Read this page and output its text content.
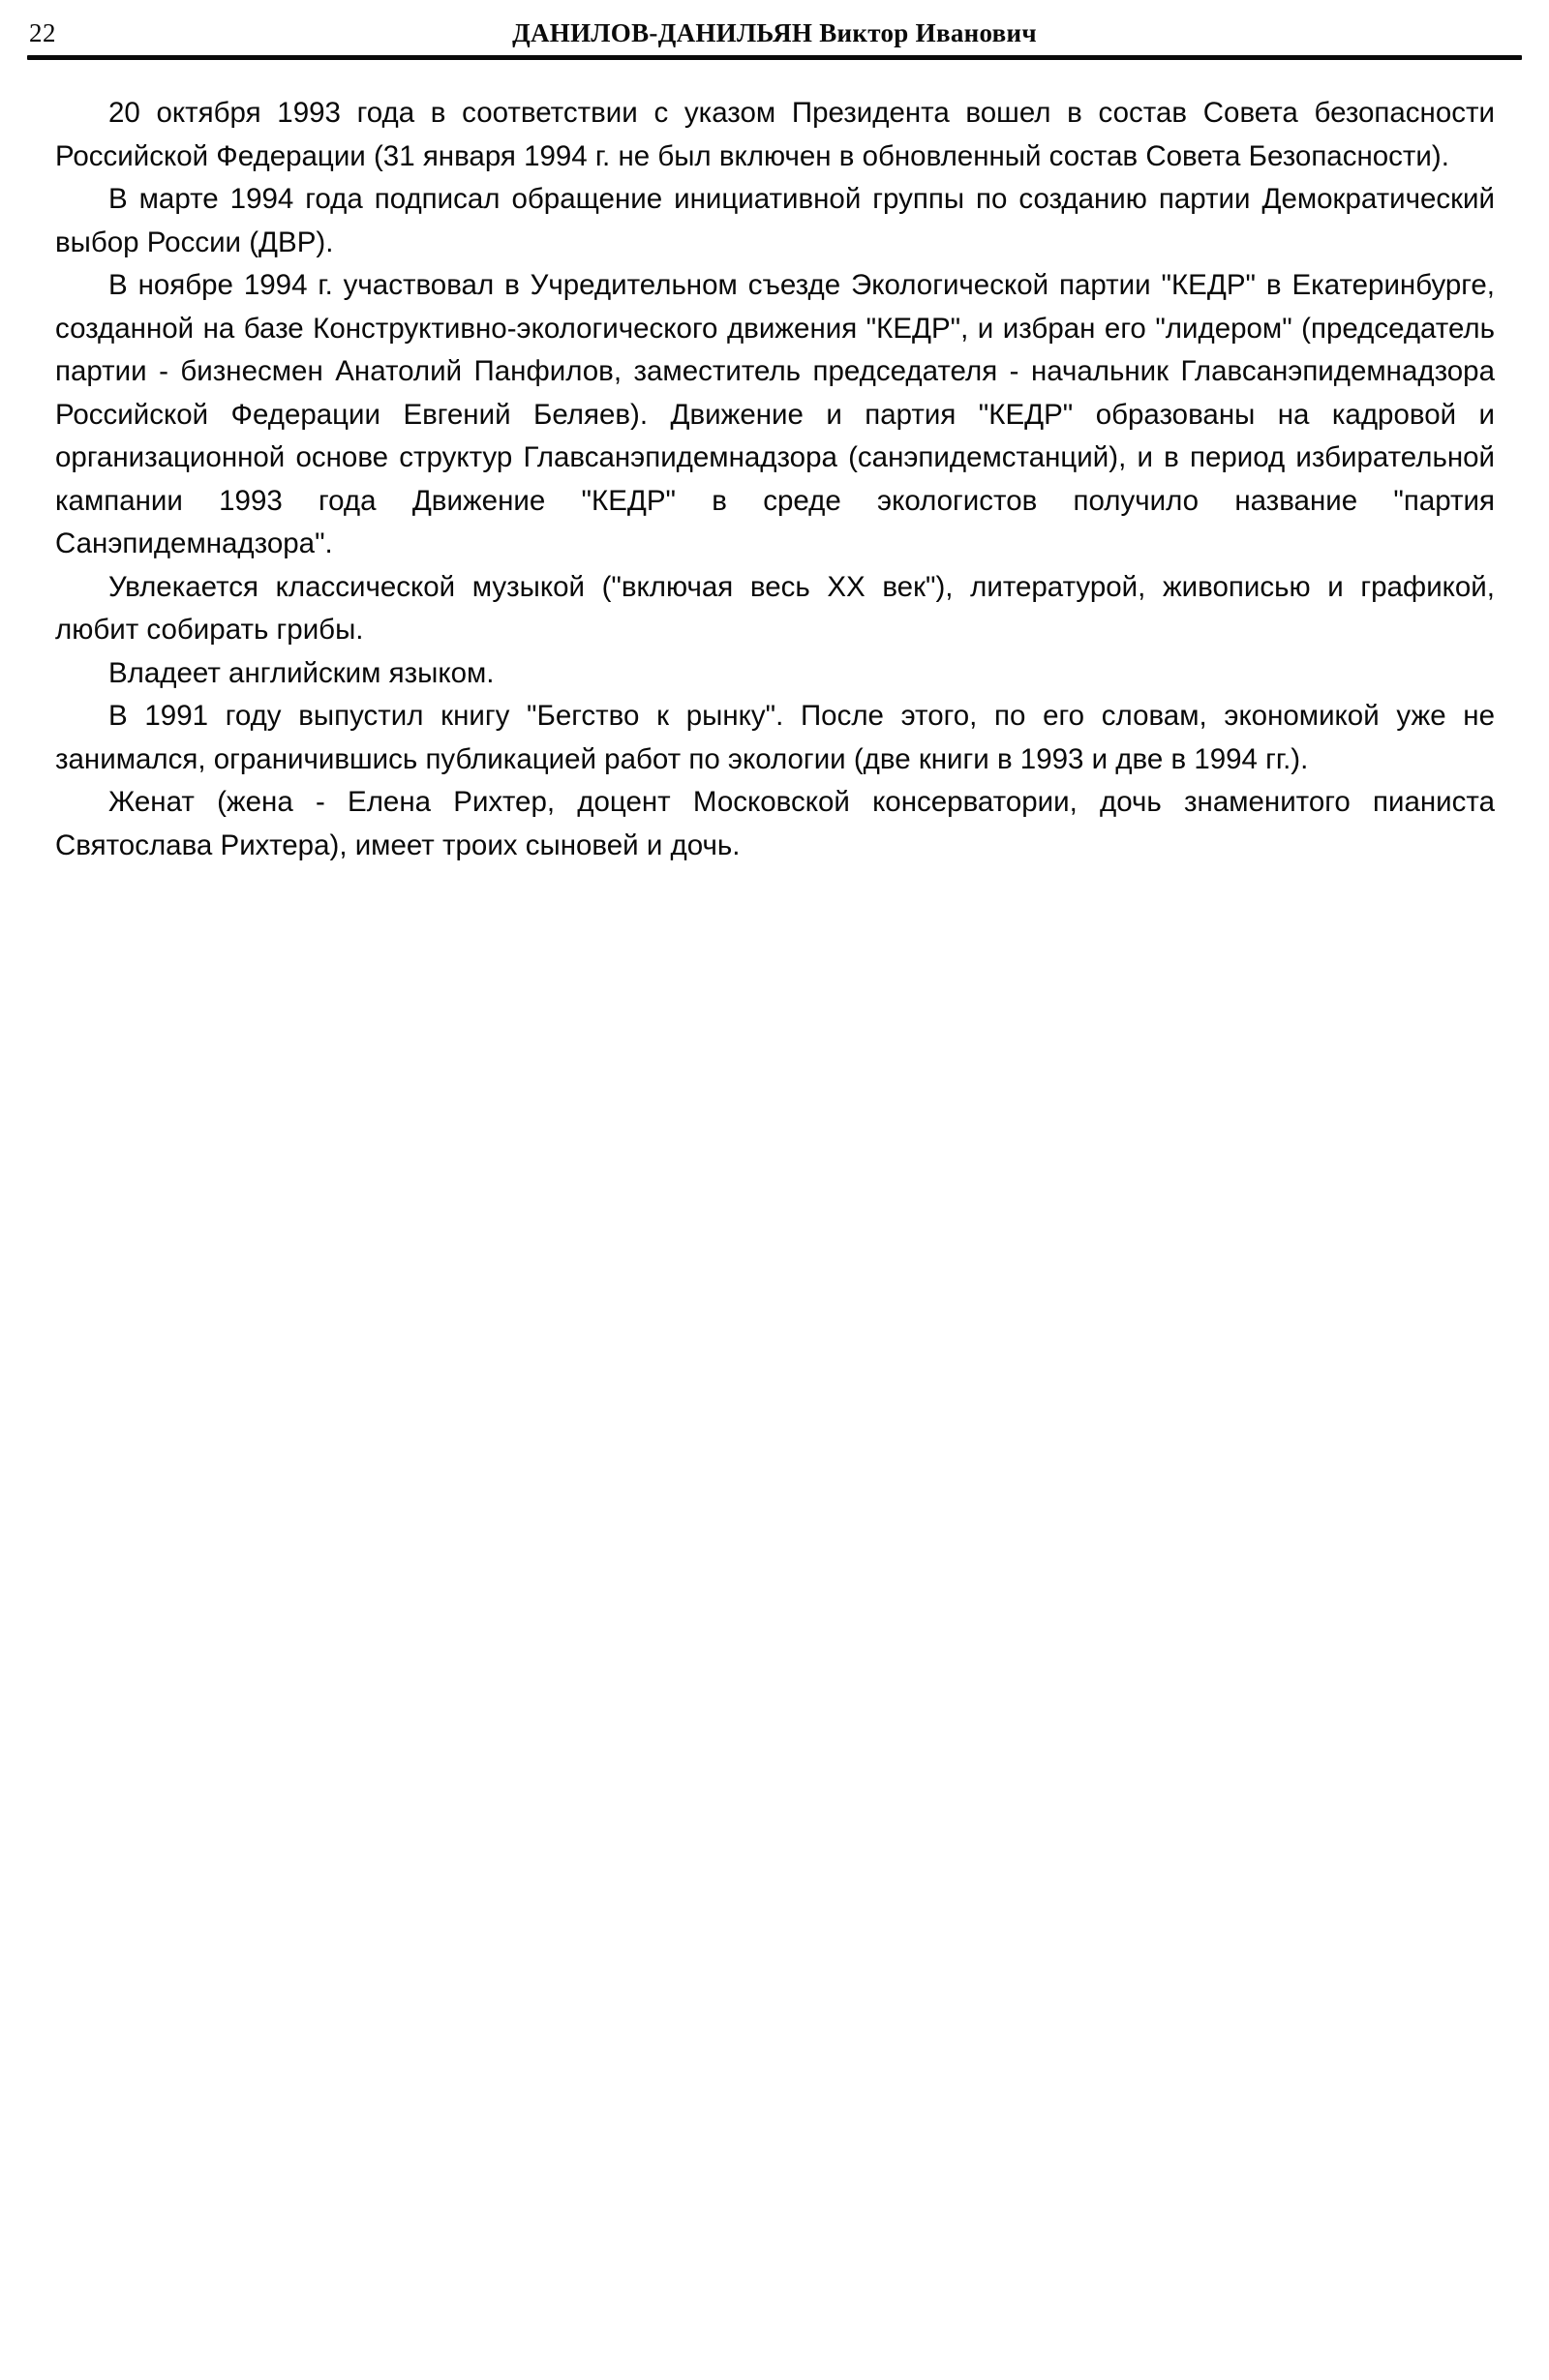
22	ДАНИЛОВ-ДАНИЛЬЯН Виктор Иванович

20 октября 1993 года в соответствии с указом Президента вошел в состав Совета безопасности Российской Федерации (31 января 1994 г. не был включен в обновленный состав Совета Безопасности).

В марте 1994 года подписал обращение инициативной группы по созданию партии Демократический выбор России (ДВР).

В ноябре 1994 г. участвовал в Учредительном съезде Экологической партии "КЕДР" в Екатеринбурге, созданной на базе Конструктивно-экологического движения "КЕДР", и избран его "лидером" (председатель партии - бизнесмен Анатолий Панфилов, заместитель председателя - начальник Главсанэпидемнадзора Российской Федерации Евгений Беляев). Движение и партия "КЕДР" образованы на кадровой и организационной основе структур Главсанэпидемнадзора (санэпидемстанций), и в период избирательной кампании 1993 года Движение "КЕДР" в среде экологистов получило название "партия Санэпидемнадзора".

Увлекается классической музыкой ("включая весь XX век"), литературой, живописью и графикой, любит собирать грибы.

Владеет английским языком.

В 1991 году выпустил книгу "Бегство к рынку". После этого, по его словам, экономикой уже не занимался, ограничившись публикацией работ по экологии (две книги в 1993 и две в 1994 гг.).

Женат (жена - Елена Рихтер, доцент Московской консерватории, дочь знаменитого пианиста Святослава Рихтера), имеет троих сыновей и дочь.
